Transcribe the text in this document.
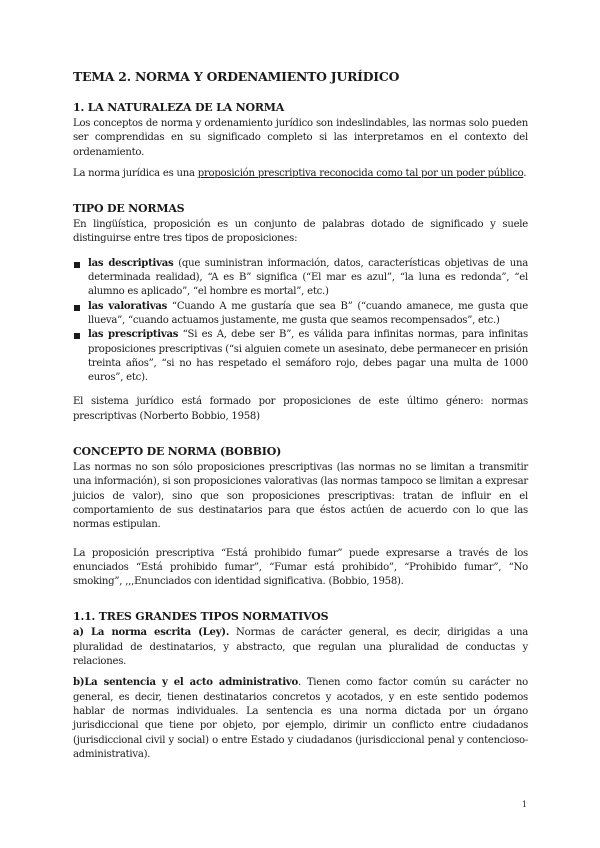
TEMA 2. NORMA Y ORDENAMIENTO JURÍDICO
1. LA NATURALEZA DE LA NORMA

Los conceptos de norma y ordenamiento jurídico son indeslindables, las normas solo pueden ser comprendidas en su significado completo si las interpretamos en el contexto del ordenamiento.

La norma jurídica es una proposición prescriptiva reconocida como tal por un poder público.

TIPO DE NORMAS

En lingüística, proposición es un conjunto de palabras dotado de significado y suele distinguirse entre tres tipos de proposiciones:

las descriptivas (que suministran información, datos, características objetivas de una determinada realidad), “A es B” significa (“El mar es azul”, “la luna es redonda”, “el alumno es aplicado”, “el hombre es mortal”, etc.)
las valorativas “Cuando A me gustaría que sea B” (“cuando amanece, me gusta que llueva”, “cuando actuamos justamente, me gusta que seamos recompensados”, etc.)
las prescriptivas “Si es A, debe ser B”, es válida para infinitas normas, para infinitas proposiciones prescriptivas (“si alguien comete un asesinato, debe permanecer en prisión treinta años”, “si no has respetado el semáforo rojo, debes pagar una multa de 1000 euros”, etc).

El sistema jurídico está formado por proposiciones de este último género: normas prescriptivas (Norberto Bobbio, 1958)

CONCEPTO DE NORMA (BOBBIO)

Las normas no son sólo proposiciones prescriptivas (las normas no se limitan a transmitir una información), si son proposiciones valorativas (las normas tampoco se limitan a expresar juicios de valor), sino que son proposiciones prescriptivas: tratan de influir en el comportamiento de sus destinatarios para que éstos actúen de acuerdo con lo que las normas estipulan.

La proposición prescriptiva “Está prohibido fumar” puede expresarse a través de los enunciados “Está prohibido fumar”, “Fumar está prohibido”, “Prohibido fumar”, “No smoking”, ,,,Enunciados con identidad significativa. (Bobbio, 1958).

1.1. TRES GRANDES TIPOS NORMATIVOS

a) La norma escrita (Ley). Normas de carácter general, es decir, dirigidas a una pluralidad de destinatarios, y abstracto, que regulan una pluralidad de conductas y relaciones.

b)La sentencia y el acto administrativo. Tienen como factor común su carácter no general, es decir, tienen destinatarios concretos y acotados, y en este sentido podemos hablar de normas individuales. La sentencia es una norma dictada por un órgano jurisdiccional que tiene por objeto, por ejemplo, dirimir un conflicto entre ciudadanos (jurisdiccional civil y social) o entre Estado y ciudadanos (jurisdiccional penal y contencioso-administrativa).

1
